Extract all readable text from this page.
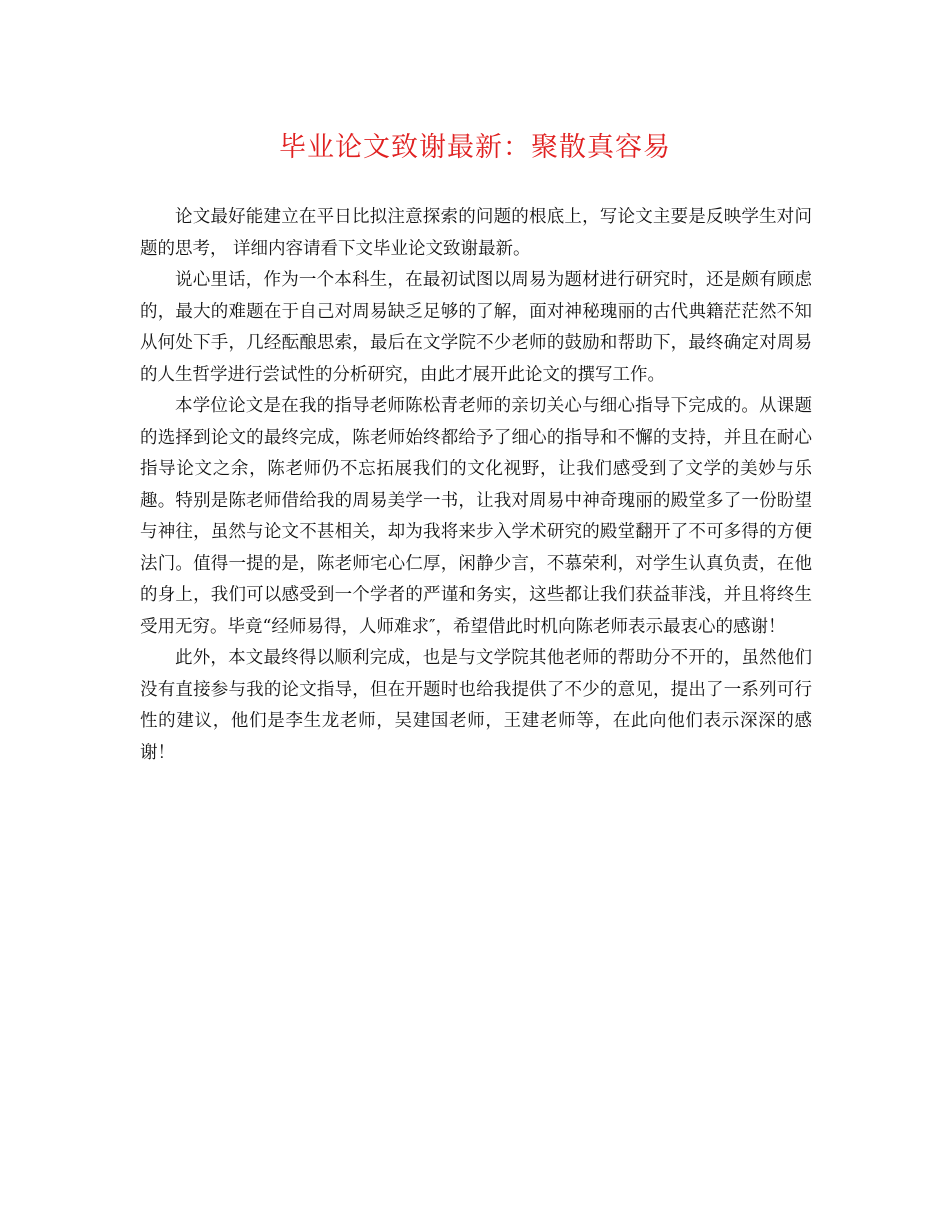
毕业论文致谢最新：聚散真容易

论文最好能建立在平日比拟注意探索的问题的根底上，写论文主要是反映学生对问题的思考， 详细内容请看下文毕业论文致谢最新。

说心里话，作为一个本科生，在最初试图以周易为题材进行研究时，还是颇有顾虑的，最大的难题在于自己对周易缺乏足够的了解，面对神秘瑰丽的古代典籍茫茫然不知从何处下手，几经酝酿思索，最后在文学院不少老师的鼓励和帮助下，最终确定对周易的人生哲学进行尝试性的分析研究，由此才展开此论文的撰写工作。

本学位论文是在我的指导老师陈松青老师的亲切关心与细心指导下完成的。从课题的选择到论文的最终完成，陈老师始终都给予了细心的指导和不懈的支持，并且在耐心指导论文之余，陈老师仍不忘拓展我们的文化视野，让我们感受到了文学的美妙与乐趣。特别是陈老师借给我的周易美学一书，让我对周易中神奇瑰丽的殿堂多了一份盼望与神往，虽然与论文不甚相关，却为我将来步入学术研究的殿堂翻开了不可多得的方便法门。值得一提的是，陈老师宅心仁厚，闲静少言，不慕荣利，对学生认真负责，在他的身上，我们可以感受到一个学者的严谨和务实，这些都让我们获益菲浅，并且将终生受用无穷。毕竟“经师易得，人师难求″，希望借此时机向陈老师表示最衷心的感谢！

此外，本文最终得以顺利完成，也是与文学院其他老师的帮助分不开的，虽然他们没有直接参与我的论文指导，但在开题时也给我提供了不少的意见，提出了一系列可行性的建议，他们是李生龙老师，吴建国老师，王建老师等，在此向他们表示深深的感谢！
